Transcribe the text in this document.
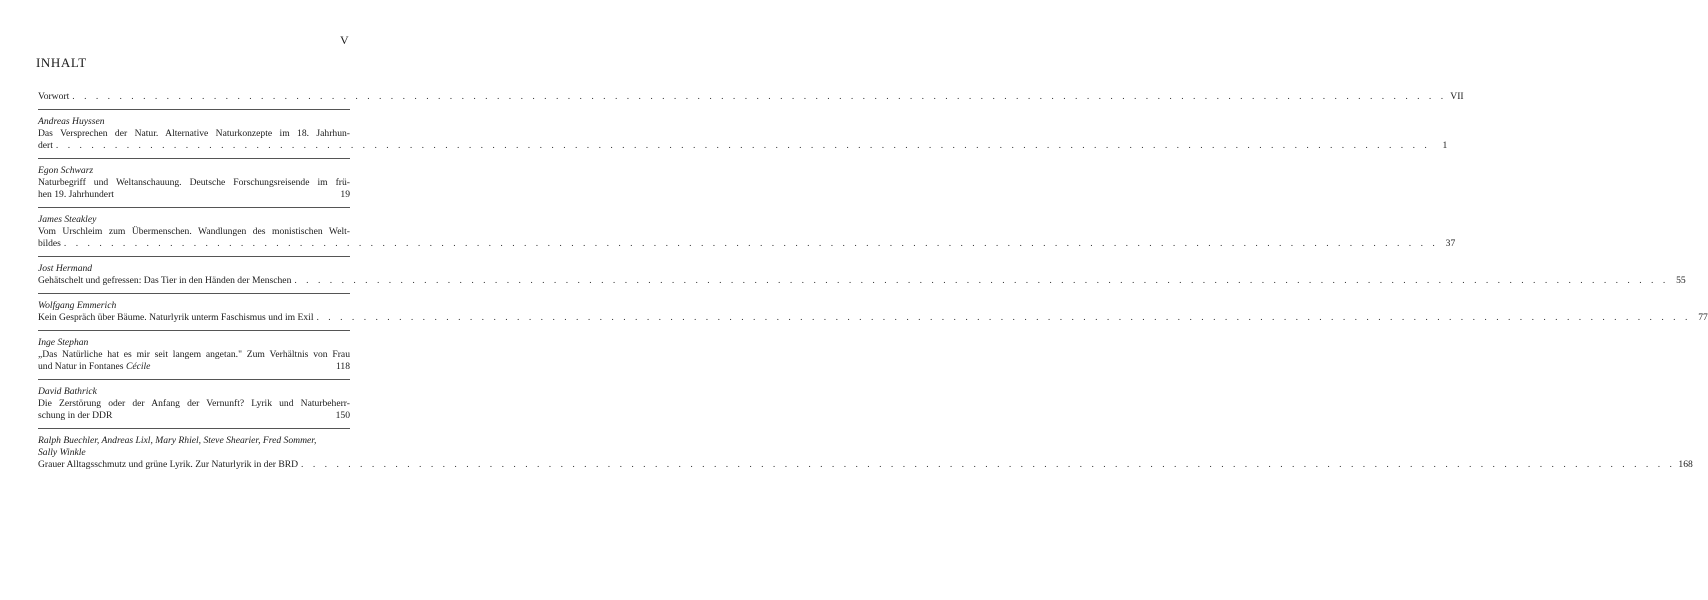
V
INHALT
Vorwort . . .	VII
Andreas Huyssen
Das Versprechen der Natur. Alternative Naturkonzepte im 18. Jahrhun-
dert . . .	1
Egon Schwarz
Naturbegriff und Weltanschauung. Deutsche Forschungsreisende im frü-
hen 19. Jahrhundert	19
James Steakley
Vom Urschleim zum Übermenschen. Wandlungen des monistischen Welt-
bildes . . .	37
Jost Hermand
Gehätschelt und gefressen: Das Tier in den Händen der Menschen . . .	55
Wolfgang Emmerich
Kein Gespräch über Bäume. Naturlyrik unterm Faschismus und im Exil . . .	77
Inge Stephan
„Das Natürliche hat es mir seit langem angetan." Zum Verhältnis von Frau
und Natur in Fontanes Cécile	118
David Bathrick
Die Zerstörung oder der Anfang der Vernunft? Lyrik und Naturbeherr-
schung in der DDR	150
Ralph Buechler, Andreas Lixl, Mary Rhiel, Steve Shearier, Fred Sommer,
Sally Winkle
Grauer Alltagsschmutz und grüne Lyrik. Zur Naturlyrik in der BRD . . .	168
